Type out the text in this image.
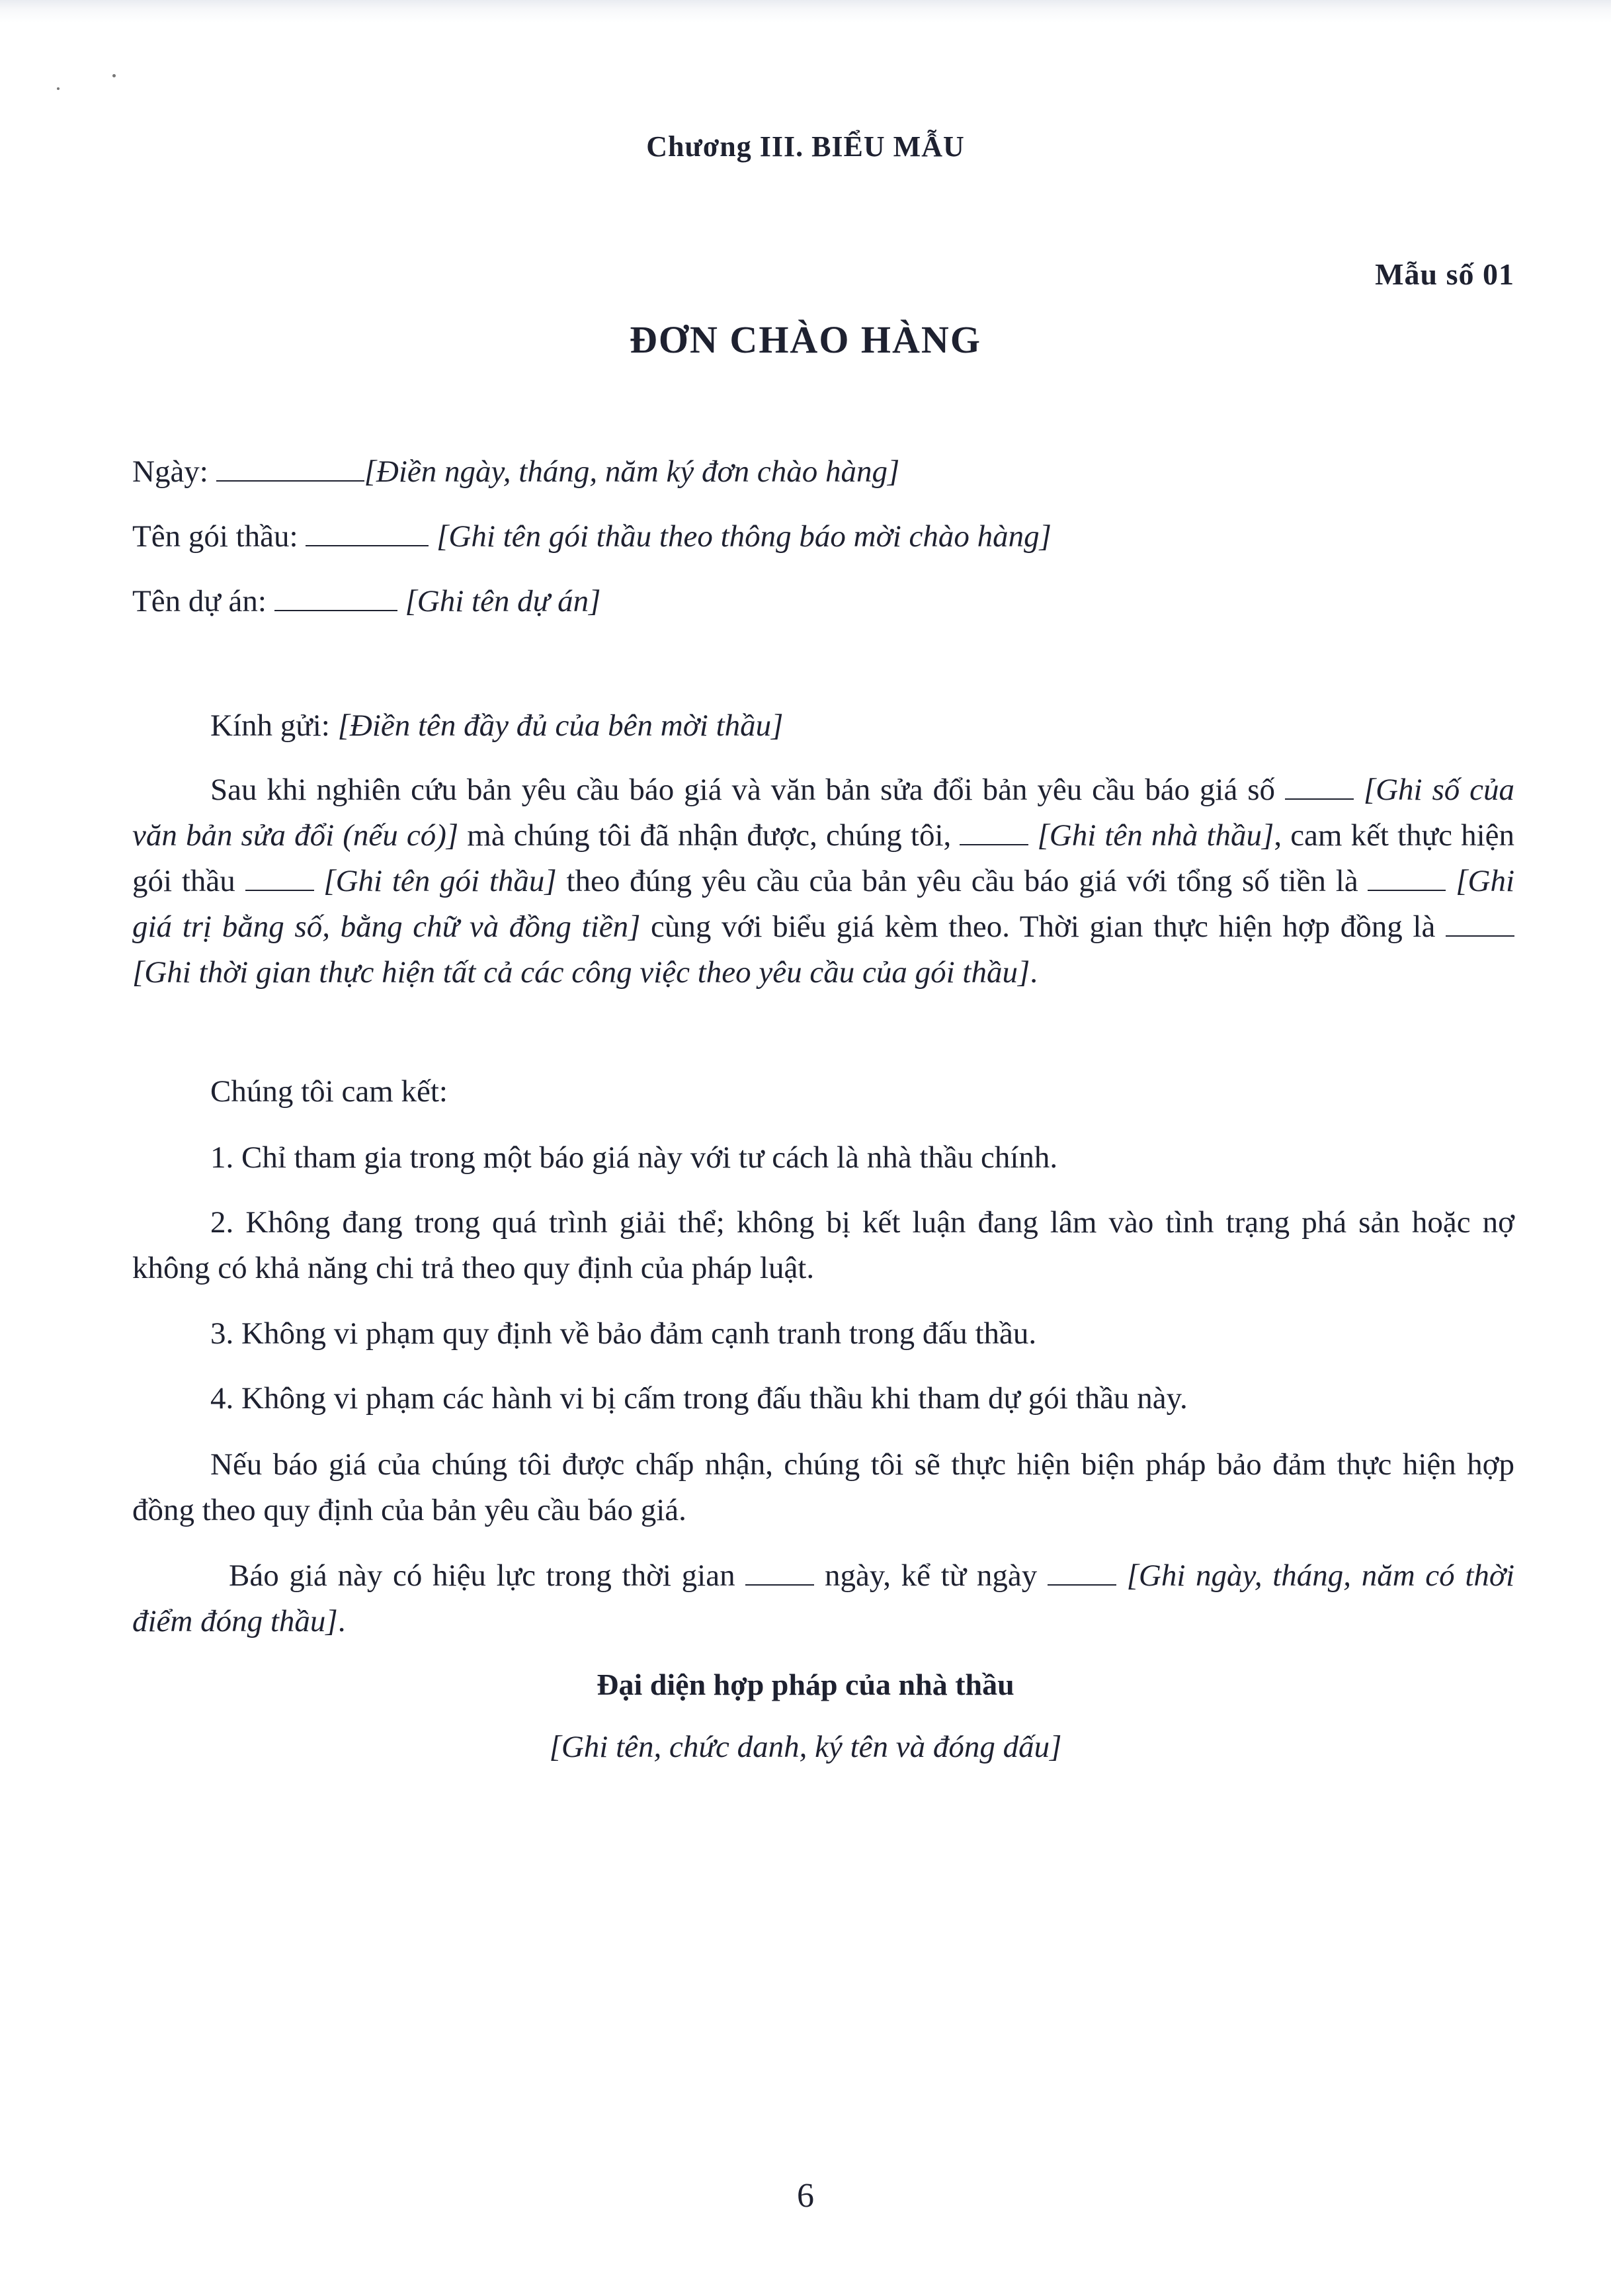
Chương III. BIỂU MẪU
Mẫu số 01
ĐƠN CHÀO HÀNG
Ngày:	[Điền ngày, tháng, năm ký đơn chào hàng]
Tên gói thầu:	[Ghi tên gói thầu theo thông báo mời chào hàng]
Tên dự án:	[Ghi tên dự án]
Kính gửi: [Điền tên đầy đủ của bên mời thầu]
Sau khi nghiên cứu bản yêu cầu báo giá và văn bản sửa đổi bản yêu cầu báo giá số	[Ghi số của văn bản sửa đổi (nếu có)] mà chúng tôi đã nhận được, chúng tôi,	[Ghi tên nhà thầu], cam kết thực hiện gói thầu	[Ghi tên gói thầu] theo đúng yêu cầu của bản yêu cầu báo giá với tổng số tiền là	[Ghi giá trị bằng số, bằng chữ và đồng tiền] cùng với biểu giá kèm theo. Thời gian thực hiện hợp đồng là  [Ghi thời gian thực hiện tất cả các công việc theo yêu cầu của gói thầu].
Chúng tôi cam kết:
1. Chỉ tham gia trong một báo giá này với tư cách là nhà thầu chính.
2. Không đang trong quá trình giải thể; không bị kết luận đang lâm vào tình trạng phá sản hoặc nợ không có khả năng chi trả theo quy định của pháp luật.
3. Không vi phạm quy định về bảo đảm cạnh tranh trong đấu thầu.
4. Không vi phạm các hành vi bị cấm trong đấu thầu khi tham dự gói thầu này.
Nếu báo giá của chúng tôi được chấp nhận, chúng tôi sẽ thực hiện biện pháp bảo đảm thực hiện hợp đồng theo quy định của bản yêu cầu báo giá.
Báo giá này có hiệu lực trong thời gian	ngày, kể từ ngày	[Ghi ngày, tháng, năm có thời điểm đóng thầu].
Đại diện hợp pháp của nhà thầu
[Ghi tên, chức danh, ký tên và đóng dấu]
6
